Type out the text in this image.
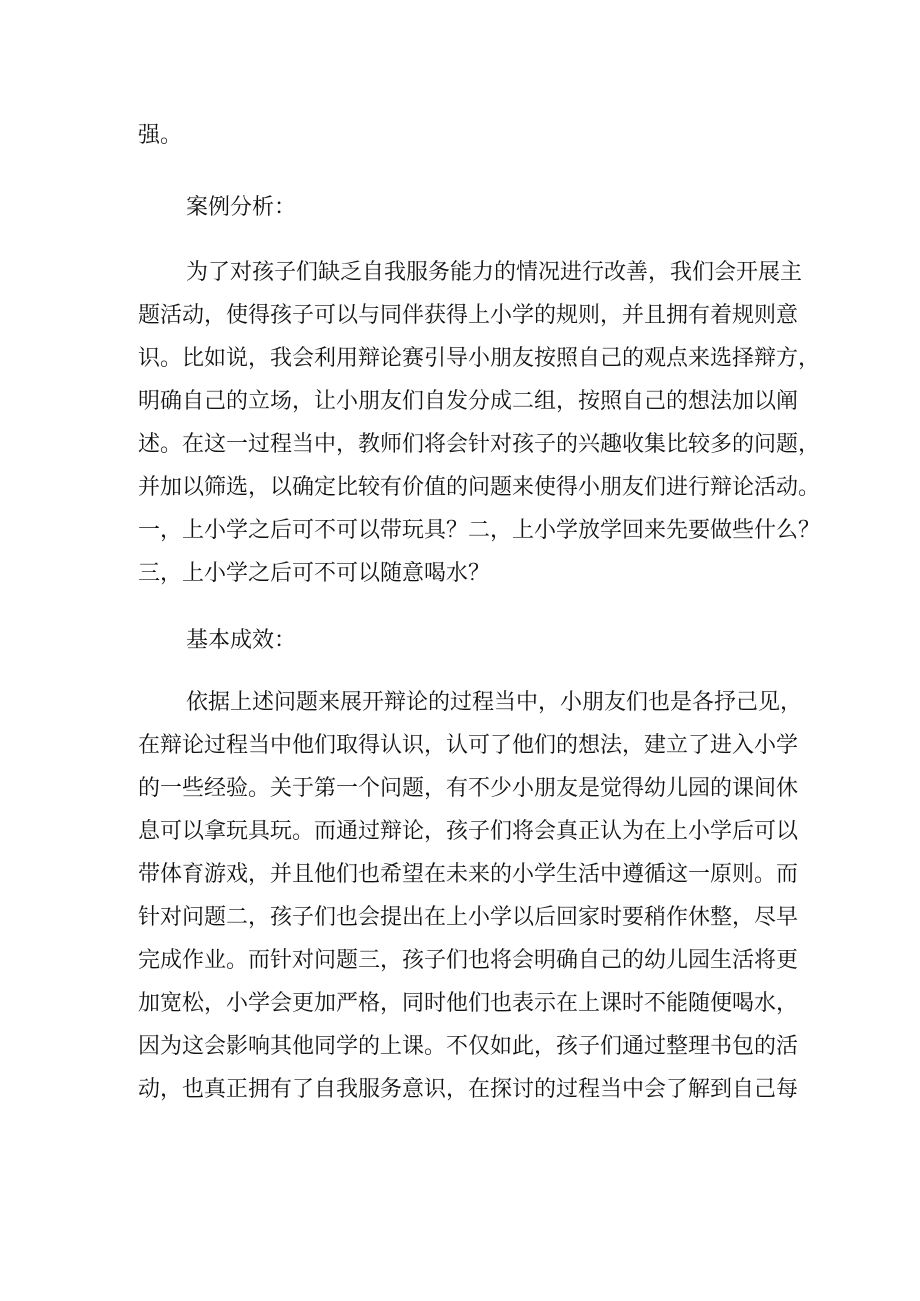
强。
案例分析：
为了对孩子们缺乏自我服务能力的情况进行改善，我们会开展主
题活动，使得孩子可以与同伴获得上小学的规则，并且拥有着规则意
识。比如说，我会利用辩论赛引导小朋友按照自己的观点来选择辩方，
明确自己的立场，让小朋友们自发分成二组，按照自己的想法加以阐
述。在这一过程当中，教师们将会针对孩子的兴趣收集比较多的问题，
并加以筛选，以确定比较有价值的问题来使得小朋友们进行辩论活动。
一，上小学之后可不可以带玩具？二，上小学放学回来先要做些什么？
三，上小学之后可不可以随意喝水？
基本成效：
依据上述问题来展开辩论的过程当中，小朋友们也是各抒己见，
在辩论过程当中他们取得认识，认可了他们的想法，建立了进入小学
的一些经验。关于第一个问题，有不少小朋友是觉得幼儿园的课间休
息可以拿玩具玩。而通过辩论，孩子们将会真正认为在上小学后可以
带体育游戏，并且他们也希望在未来的小学生活中遵循这一原则。而
针对问题二，孩子们也会提出在上小学以后回家时要稍作休整，尽早
完成作业。而针对问题三，孩子们也将会明确自己的幼儿园生活将更
加宽松，小学会更加严格，同时他们也表示在上课时不能随便喝水，
因为这会影响其他同学的上课。不仅如此，孩子们通过整理书包的活
动，也真正拥有了自我服务意识，在探讨的过程当中会了解到自己每
